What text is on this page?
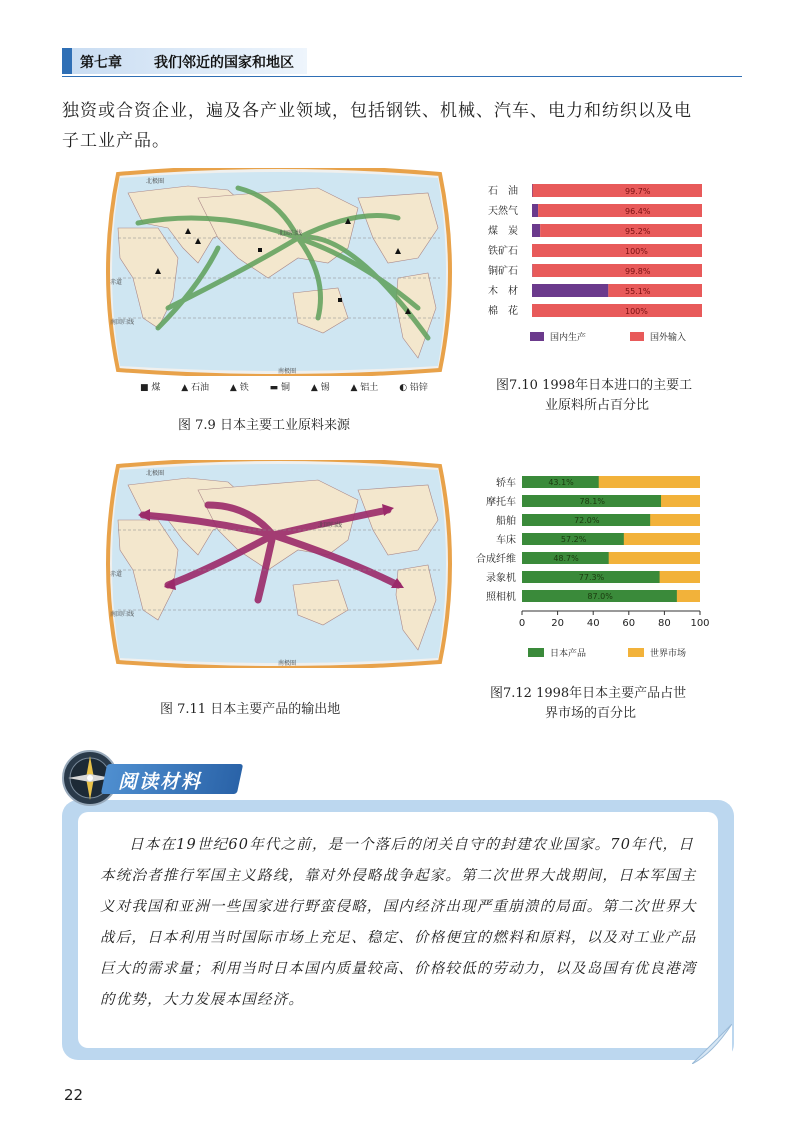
第七章 我们邻近的国家和地区
独资或合资企业，遍及各产业领域，包括钢铁、机械、汽车、电力和纺织以及电
子工业产品。
北极圈
北回归线
赤道
南回归线
南极圈
■ 煤 ▲ 石油 ▲ 铁 ▬ 铜 ▲ 锡 ▲ 铝土 ◐ 铅锌
图 7.9 日本主要工业原料来源
石　油	99.7%
天然气	96.4%
煤　炭	95.2%
铁矿石	100%
铜矿石	99.8%
木　材	55.1%
棉　花	100%
国内生产	国外输入
图7.10 1998年日本进口的主要工
业原料所占百分比
北极圈
北回归线
赤道
南回归线
南极圈
图 7.11 日本主要产品的输出地
轿车	43.1%
摩托车	78.1%
船舶	72.0%
车床	57.2%
合成纤维	48.7%
录象机	77.3%
照相机	87.0%
0	20 40 60 80 100
日本产品	世界市场
图7.12 1998年日本主要产品占世
界市场的百分比
阅读材料
日本在19世纪60年代之前，是一个落后的闭关自守的封建农业国家。70年代，日本统治者推行军国主义路线，靠对外侵略战争起家。第二次世界大战期间，日本军国主义对我国和亚洲一些国家进行野蛮侵略，国内经济出现严重崩溃的局面。第二次世界大战后，日本利用当时国际市场上充足、稳定、价格便宜的燃料和原料，以及对工业产品巨大的需求量；利用当时日本国内质量较高、价格较低的劳动力，以及岛国有优良港湾的优势，大力发展本国经济。
22
